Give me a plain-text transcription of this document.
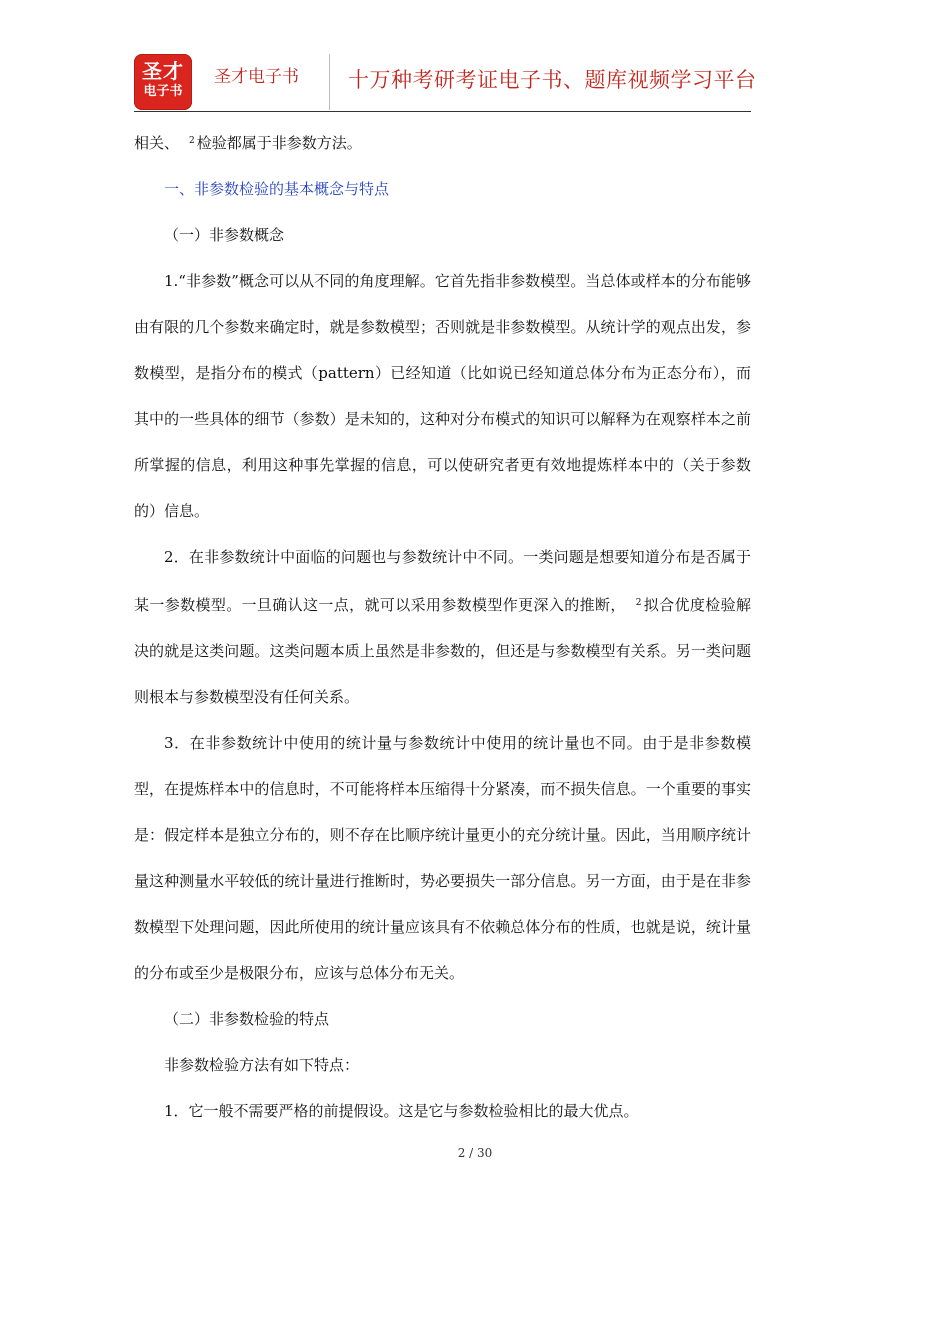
圣才
电子书
圣才电子书 十万种考研考证电子书、题库视频学习平台

相关、 $^2$ 检验都属于非参数方法。

一、非参数检验的基本概念与特点

（一）非参数概念

1.“非参数”概念可以从不同的角度理解。它首先指非参数模型。当总体或样本的分布能够由有限的几个参数来确定时，就是参数模型；否则就是非参数模型。从统计学的观点出发，参数模型，是指分布的模式（pattern）已经知道（比如说已经知道总体分布为正态分布），而其中的一些具体的细节（参数）是未知的，这种对分布模式的知识可以解释为在观察样本之前所掌握的信息，利用这种事先掌握的信息，可以使研究者更有效地提炼样本中的（关于参数的）信息。

2．在非参数统计中面临的问题也与参数统计中不同。一类问题是想要知道分布是否属于某一参数模型。一旦确认这一点，就可以采用参数模型作更深入的推断， $^2$ 拟合优度检验解决的就是这类问题。这类问题本质上虽然是非参数的，但还是与参数模型有关系。另一类问题则根本与参数模型没有任何关系。

3．在非参数统计中使用的统计量与参数统计中使用的统计量也不同。由于是非参数模型，在提炼样本中的信息时，不可能将样本压缩得十分紧凑，而不损失信息。一个重要的事实是：假定样本是独立分布的，则不存在比顺序统计量更小的充分统计量。因此，当用顺序统计量这种测量水平较低的统计量进行推断时，势必要损失一部分信息。另一方面，由于是在非参数模型下处理问题，因此所使用的统计量应该具有不依赖总体分布的性质，也就是说，统计量的分布或至少是极限分布，应该与总体分布无关。

（二）非参数检验的特点

非参数检验方法有如下特点：

1．它一般不需要严格的前提假设。这是它与参数检验相比的最大优点。

2 / 30
